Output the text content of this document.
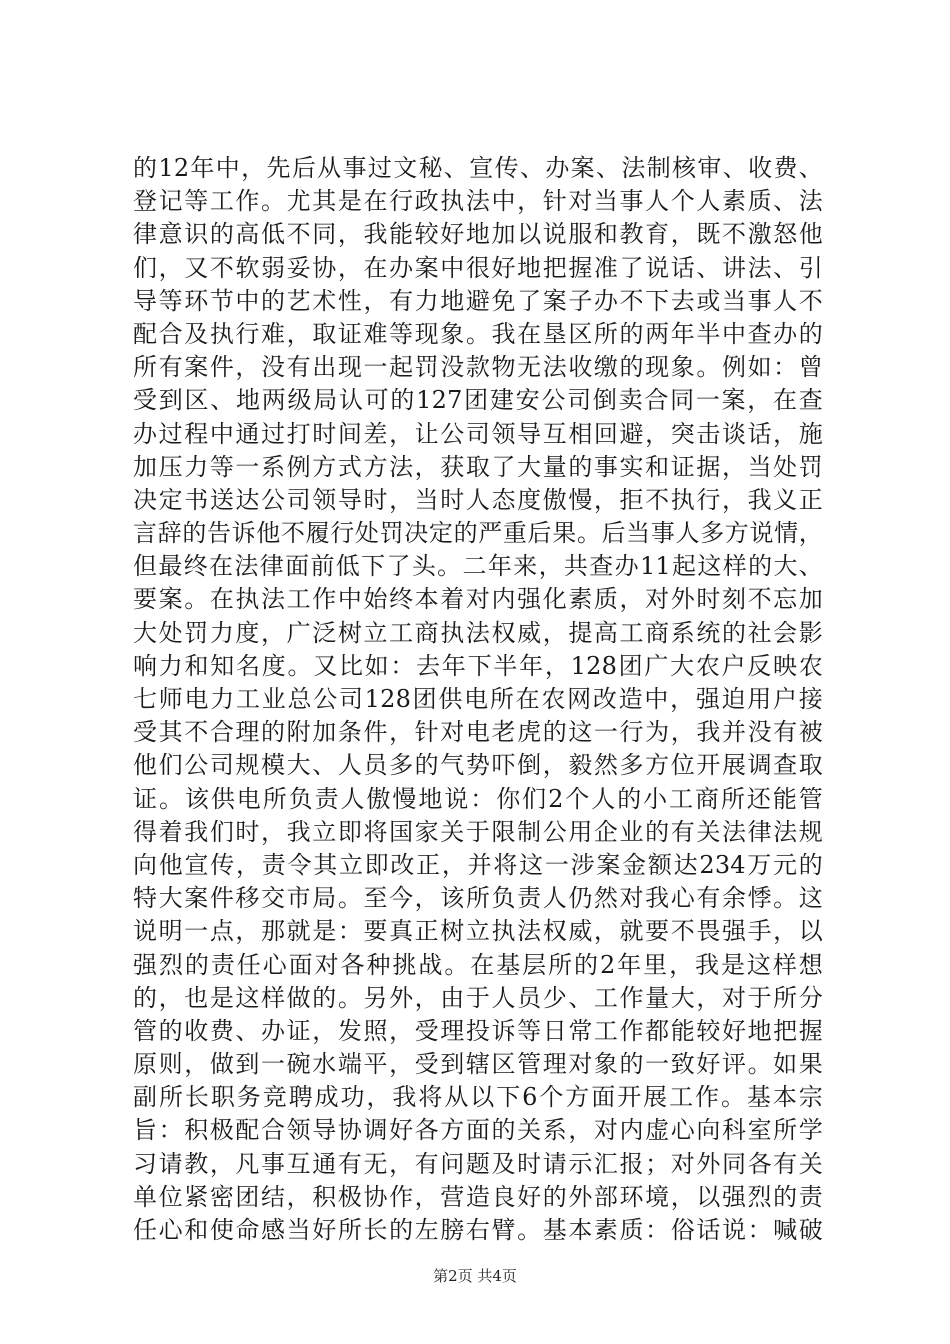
的12年中，先后从事过文秘、宣传、办案、法制核审、收费、
登记等工作。尤其是在行政执法中，针对当事人个人素质、法
律意识的高低不同，我能较好地加以说服和教育，既不激怒他
们，又不软弱妥协，在办案中很好地把握准了说话、讲法、引
导等环节中的艺术性，有力地避免了案子办不下去或当事人不
配合及执行难，取证难等现象。我在垦区所的两年半中查办的
所有案件，没有出现一起罚没款物无法收缴的现象。例如：曾
受到区、地两级局认可的127团建安公司倒卖合同一案，在查
办过程中通过打时间差，让公司领导互相回避，突击谈话，施
加压力等一系例方式方法，获取了大量的事实和证据，当处罚
决定书送达公司领导时，当时人态度傲慢，拒不执行，我义正
言辞的告诉他不履行处罚决定的严重后果。后当事人多方说情，
但最终在法律面前低下了头。二年来，共查办11起这样的大、
要案。在执法工作中始终本着对内强化素质，对外时刻不忘加
大处罚力度，广泛树立工商执法权威，提高工商系统的社会影
响力和知名度。又比如：去年下半年，128团广大农户反映农
七师电力工业总公司128团供电所在农网改造中，强迫用户接
受其不合理的附加条件，针对电老虎的这一行为，我并没有被
他们公司规模大、人员多的气势吓倒，毅然多方位开展调查取
证。该供电所负责人傲慢地说：你们2个人的小工商所还能管
得着我们时，我立即将国家关于限制公用企业的有关法律法规
向他宣传，责令其立即改正，并将这一涉案金额达234万元的
特大案件移交市局。至今，该所负责人仍然对我心有余悸。这
说明一点，那就是：要真正树立执法权威，就要不畏强手，以
强烈的责任心面对各种挑战。在基层所的2年里，我是这样想
的，也是这样做的。另外，由于人员少、工作量大，对于所分
管的收费、办证，发照，受理投诉等日常工作都能较好地把握
原则，做到一碗水端平，受到辖区管理对象的一致好评。如果
副所长职务竞聘成功，我将从以下6个方面开展工作。基本宗
旨：积极配合领导协调好各方面的关系，对内虚心向科室所学
习请教，凡事互通有无，有问题及时请示汇报；对外同各有关
单位紧密团结，积极协作，营造良好的外部环境，以强烈的责
任心和使命感当好所长的左膀右臂。基本素质：俗话说：喊破
第2页 共4页
